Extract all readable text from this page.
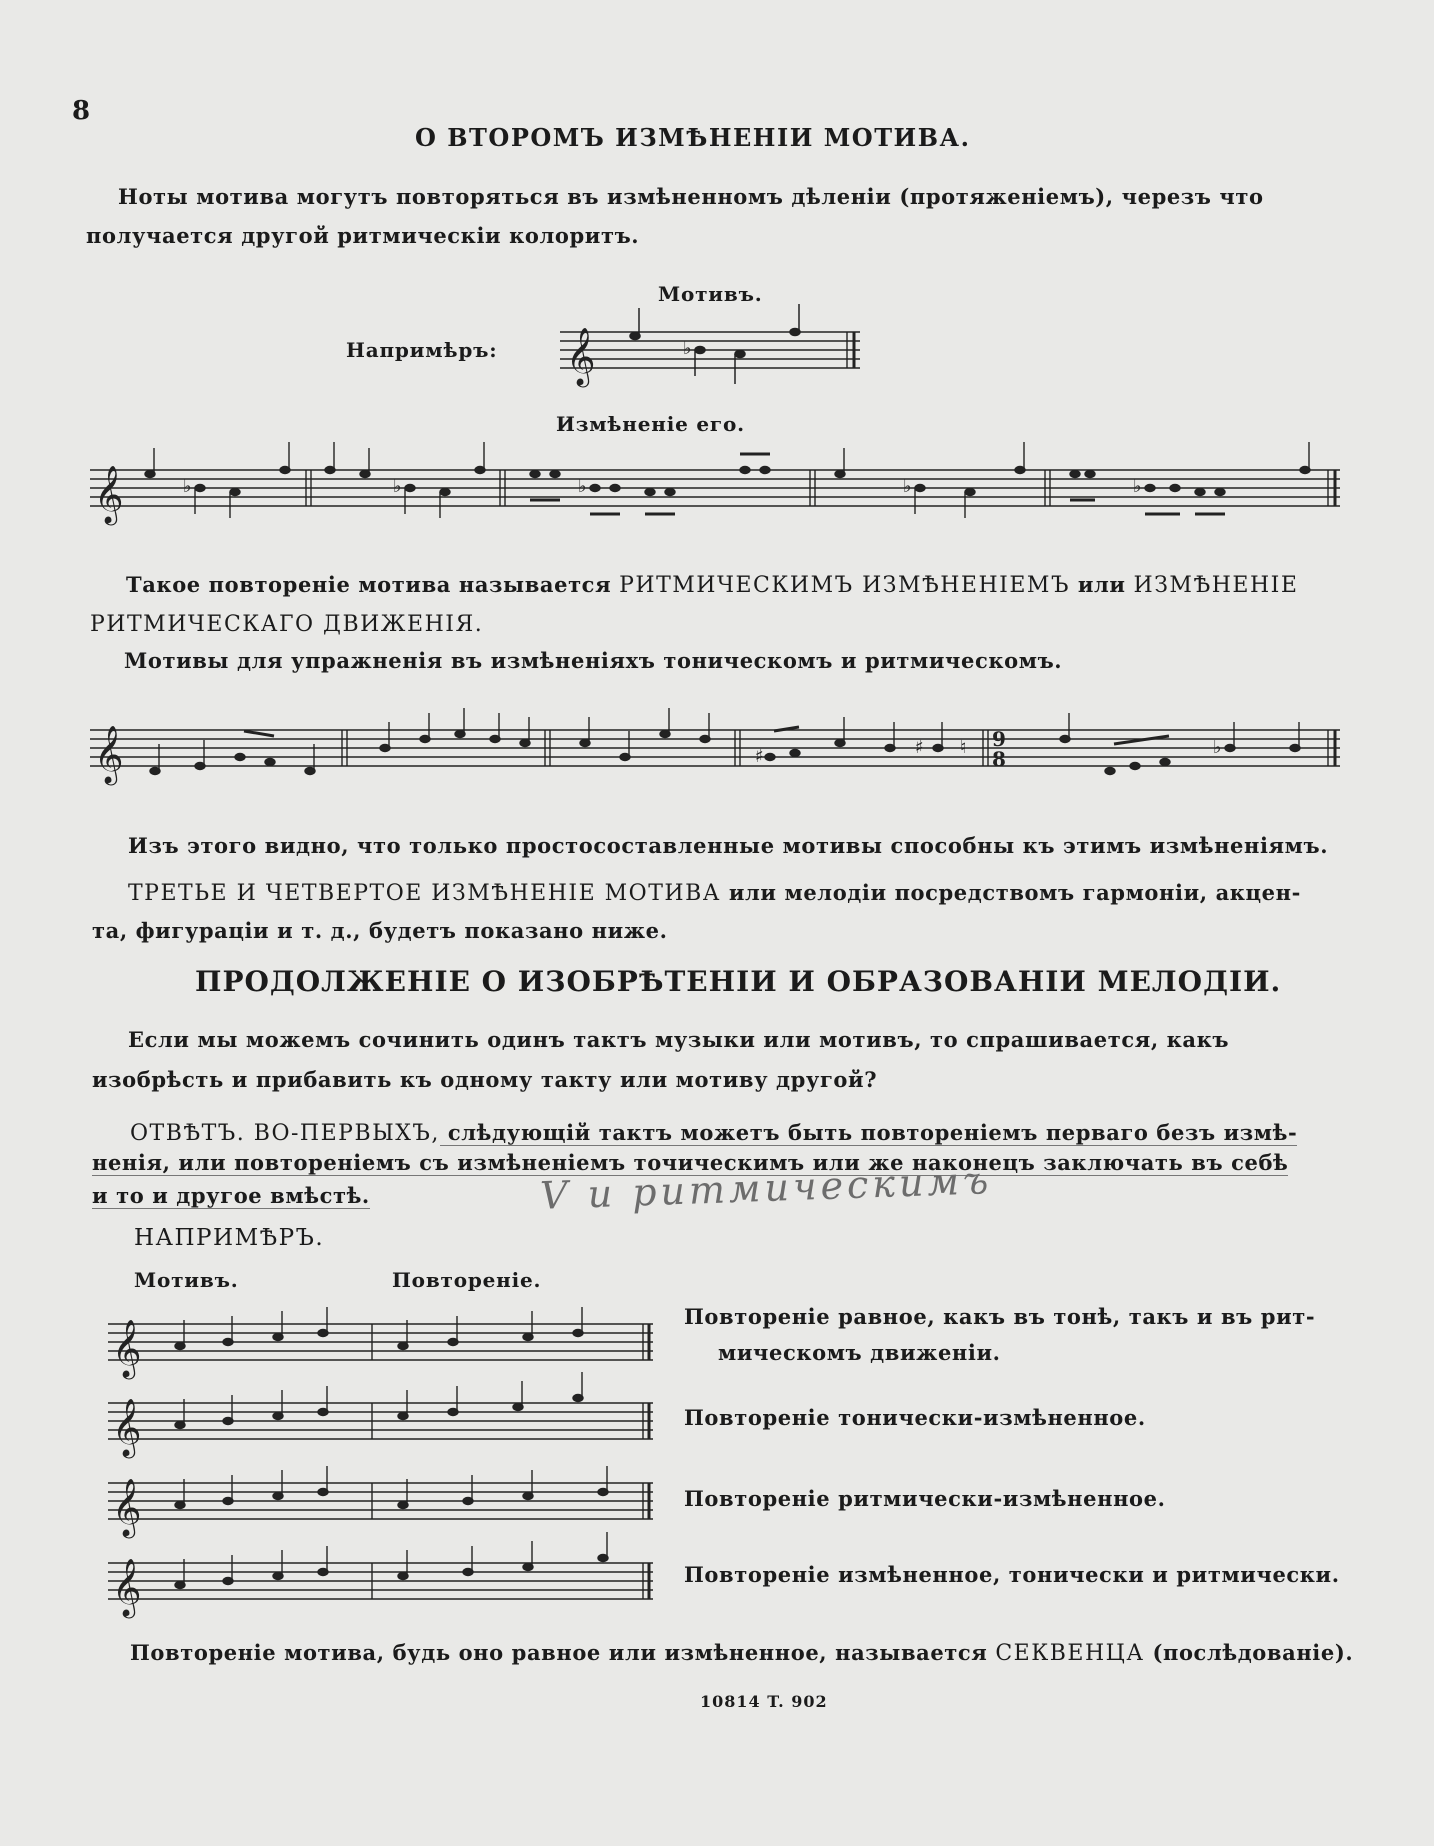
8
О ВТОРОМЪ ИЗМѢНЕНІИ МОТИВА.
Ноты мотива могутъ повторяться въ измѣненномъ дѣленіи (протяженіемъ), черезъ что
получается другой ритмическіи колоритъ.
Мотивъ.
Напримѣръ: 𝄞	♭
Измѣненіе его.
𝄞	♭	♭	♭	♭	♭
Такое повтореніе мотива называется РИТМИЧЕСКИМЪ ИЗМѢНЕНІЕМЪ или ИЗМѢНЕНІЕ
РИТМИЧЕСКАГО ДВИЖЕНІЯ.
Мотивы для упражненія въ измѣненіяхъ тоническомъ и ритмическомъ.
𝄞	9
8
♯	♯ ♮	♭
Изъ этого видно, что только простосоставленные мотивы способны къ этимъ измѣненіямъ.
ТРЕТЬЕ И ЧЕТВЕРТОЕ ИЗМѢНЕНІЕ МОТИВА или мелодіи посредствомъ гармоніи, акцен-
та, фигураціи и т. д., будетъ показано ниже.
ПРОДОЛЖЕНІЕ О ИЗОБРѢТЕНІИ И ОБРАЗОВАНІИ МЕЛОДІИ.
Если мы можемъ сочинить одинъ тактъ музыки или мотивъ, то спрашивается, какъ
изобрѣсть и прибавить къ одному такту или мотиву другой?
ОТВѢТЪ. ВО-ПЕРВЫХЪ, слѣдующій тактъ можетъ быть повтореніемъ перваго безъ измѣ-
ненія, или повтореніемъ съ измѣненіемъ точическимъ или же наконецъ заключать въ себѣ
и то и другое вмѣстѣ.	V и ритмическимъ
НАПРИМѢРЪ.
Мотивъ.	Повтореніе.
𝄞
𝄞
𝄞
𝄞
Повтореніе равное, какъ въ тонѣ, такъ и въ рит-
мическомъ движеніи.
Повтореніе тонически-измѣненное.
Повтореніе ритмически-измѣненное.
Повтореніе измѣненное, тонически и ритмически.
Повтореніе мотива, будь оно равное или измѣненное, называется СЕКВЕНЦА (послѣдованіе).
10814 T. 902
